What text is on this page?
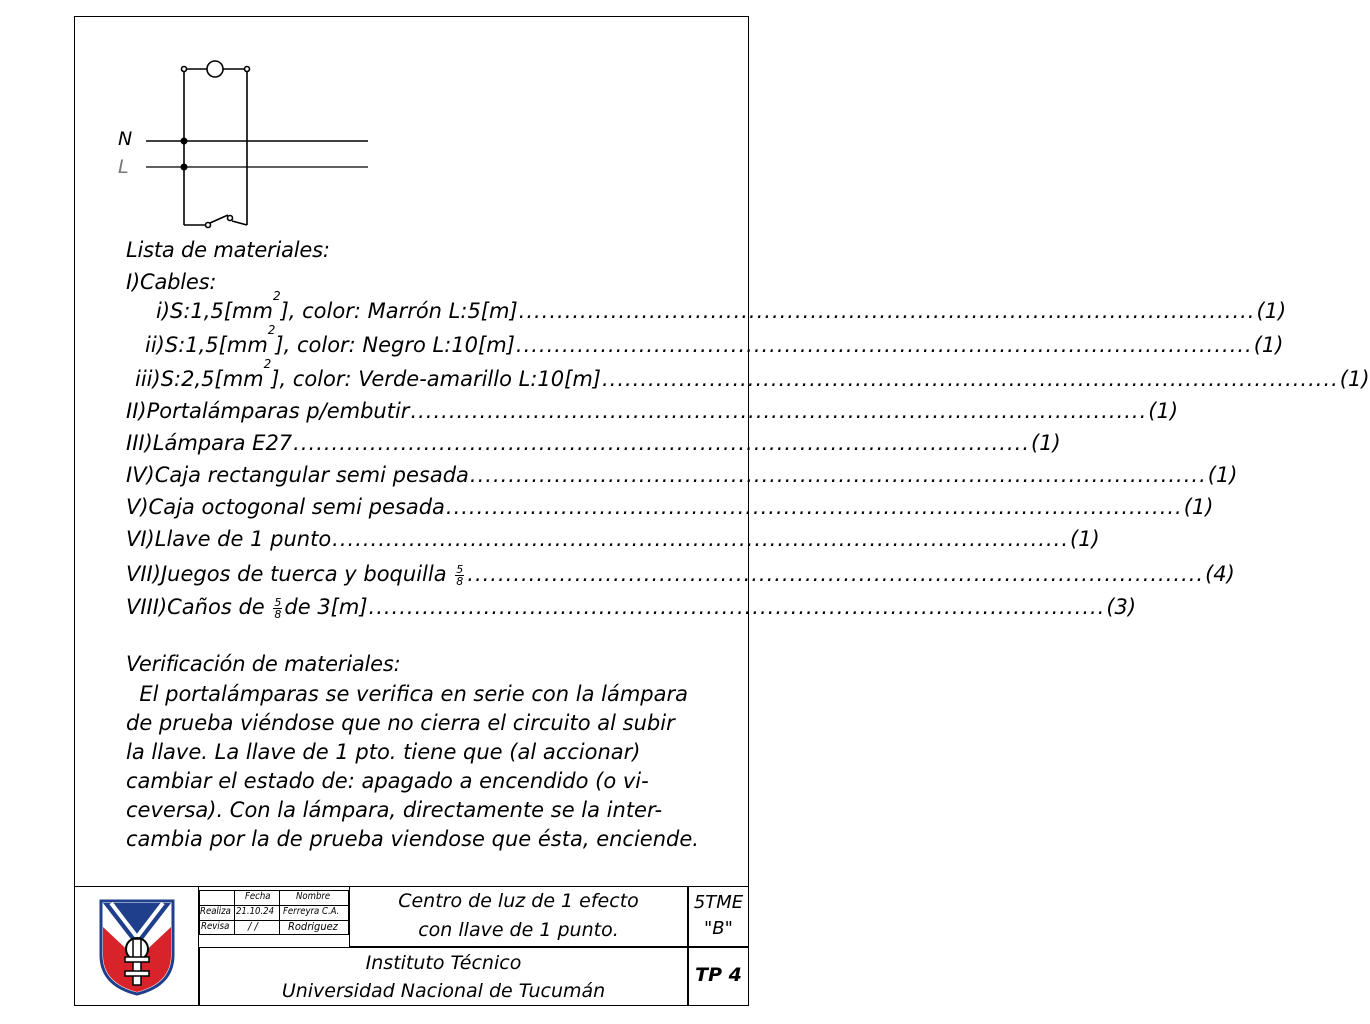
N
L
Lista de materiales:
I)Cables:
$i)S:1,5[mm^2]$, color: Marrón L:5[m] ................................................................................................ (1)
$ii)S:1,5[mm^2]$, color: Negro L:10[m] ................................................................................................ (1)
$iii)S:2,5[mm^2]$, color: Verde-amarillo L:10[m] ................................................................................................ (1)
II)Portalámparas p/embutir ................................................................................................ (1)
III)Lámpara E27 ................................................................................................ (1)
IV)Caja rectangular semi pesada ................................................................................................ (1)
V)Caja octogonal semi pesada ................................................................................................ (1)
VI)Llave de 1 punto ................................................................................................ (1)
VII)Juegos de tuerca y boquilla $\frac{5}{8}$ ................................................................................................ (4)
VIII)Caños de $\frac{5}{8}$ de 3[m] ................................................................................................ (3)
Verificación de materiales:

El portalámparas se verifica en serie con la lámpara

de prueba viéndose que no cierra el circuito al subir

la llave. La llave de 1 pto. tiene que (al accionar)

cambiar el estado de: apagado a encendido (o vi-

ceversa). Con la lámpara, directamente se la inter-

cambia por la de prueba viendose que ésta, enciende.

Fecha	Nombre
Realiza 21.10.24 Ferreyra C.A.
Revisa / /	Rodriguez
Centro de luz de 1 efecto
con llave de 1 punto.
5TME
"B"
Instituto Técnico
Universidad Nacional de Tucumán
TP 4
